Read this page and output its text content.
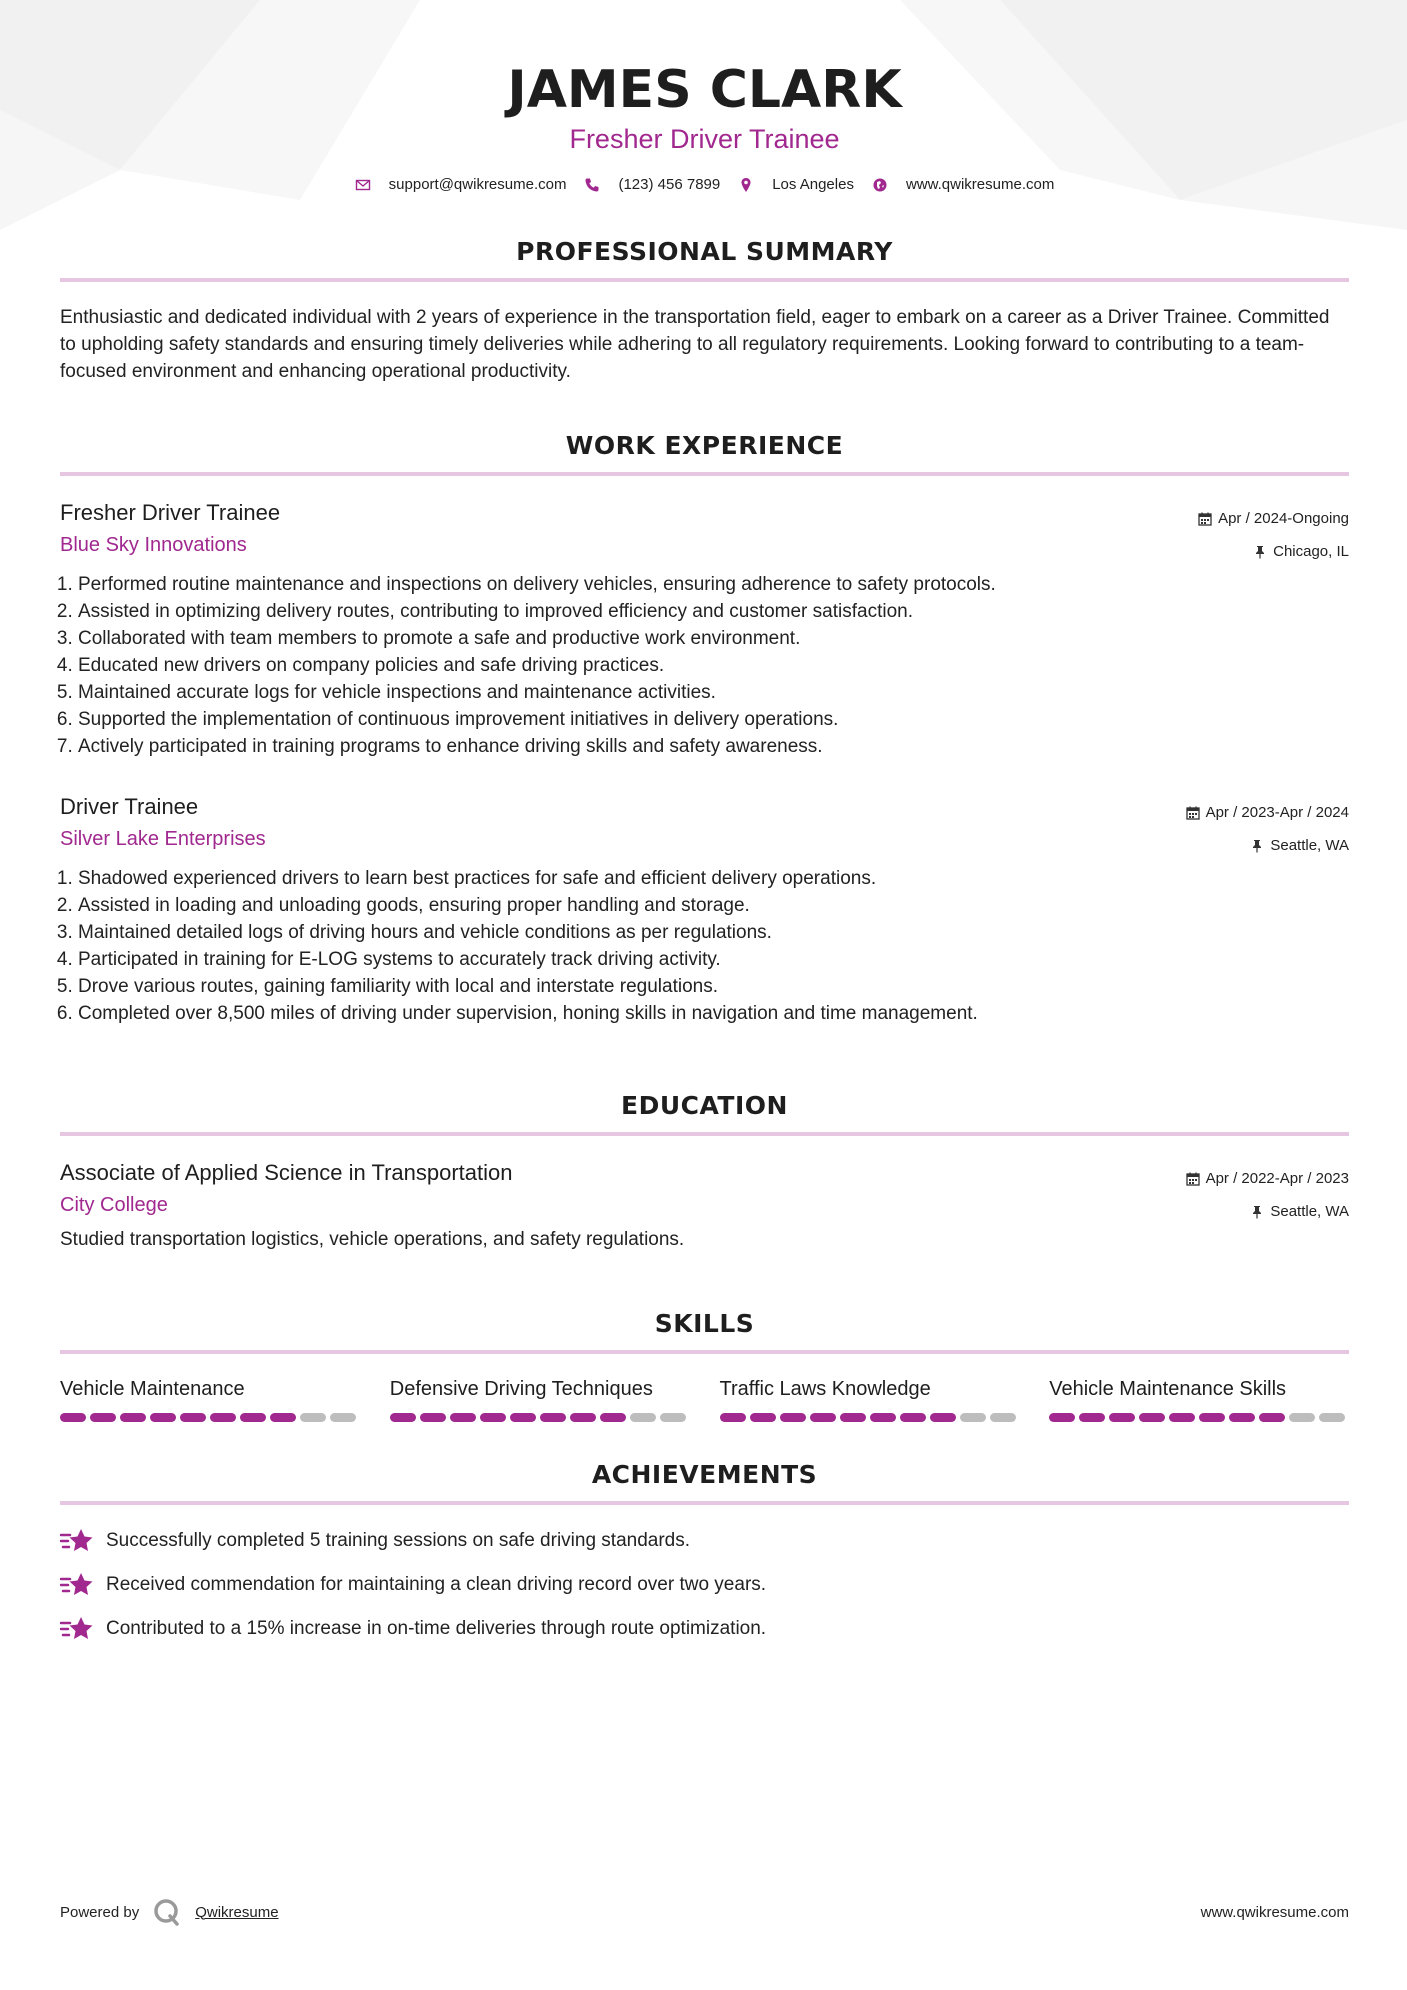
JAMES CLARK
Fresher Driver Trainee
support@qwikresume.com	(123) 456 7899	Los Angeles	www.qwikresume.com
PROFESSIONAL SUMMARY
Enthusiastic and dedicated individual with 2 years of experience in the transportation field, eager to embark on a career as a Driver Trainee. Committed to upholding safety standards and ensuring timely deliveries while adhering to all regulatory requirements. Looking forward to contributing to a team-focused environment and enhancing operational productivity.
WORK EXPERIENCE
Fresher Driver Trainee
Blue Sky Innovations
Apr / 2024-Ongoing
Chicago, IL
1. Performed routine maintenance and inspections on delivery vehicles, ensuring adherence to safety protocols.
2. Assisted in optimizing delivery routes, contributing to improved efficiency and customer satisfaction.
3. Collaborated with team members to promote a safe and productive work environment.
4. Educated new drivers on company policies and safe driving practices.
5. Maintained accurate logs for vehicle inspections and maintenance activities.
6. Supported the implementation of continuous improvement initiatives in delivery operations.
7. Actively participated in training programs to enhance driving skills and safety awareness.
Driver Trainee
Silver Lake Enterprises
Apr / 2023-Apr / 2024
Seattle, WA
1. Shadowed experienced drivers to learn best practices for safe and efficient delivery operations.
2. Assisted in loading and unloading goods, ensuring proper handling and storage.
3. Maintained detailed logs of driving hours and vehicle conditions as per regulations.
4. Participated in training for E-LOG systems to accurately track driving activity.
5. Drove various routes, gaining familiarity with local and interstate regulations.
6. Completed over 8,500 miles of driving under supervision, honing skills in navigation and time management.
EDUCATION
Associate of Applied Science in Transportation
City College
Apr / 2022-Apr / 2023
Seattle, WA
Studied transportation logistics, vehicle operations, and safety regulations.
SKILLS
Vehicle Maintenance	Defensive Driving Techniques	Traffic Laws Knowledge	Vehicle Maintenance Skills
ACHIEVEMENTS
Successfully completed 5 training sessions on safe driving standards.
Received commendation for maintaining a clean driving record over two years.
Contributed to a 15% increase in on-time deliveries through route optimization.
Powered by	Qwikresume	www.qwikresume.com
